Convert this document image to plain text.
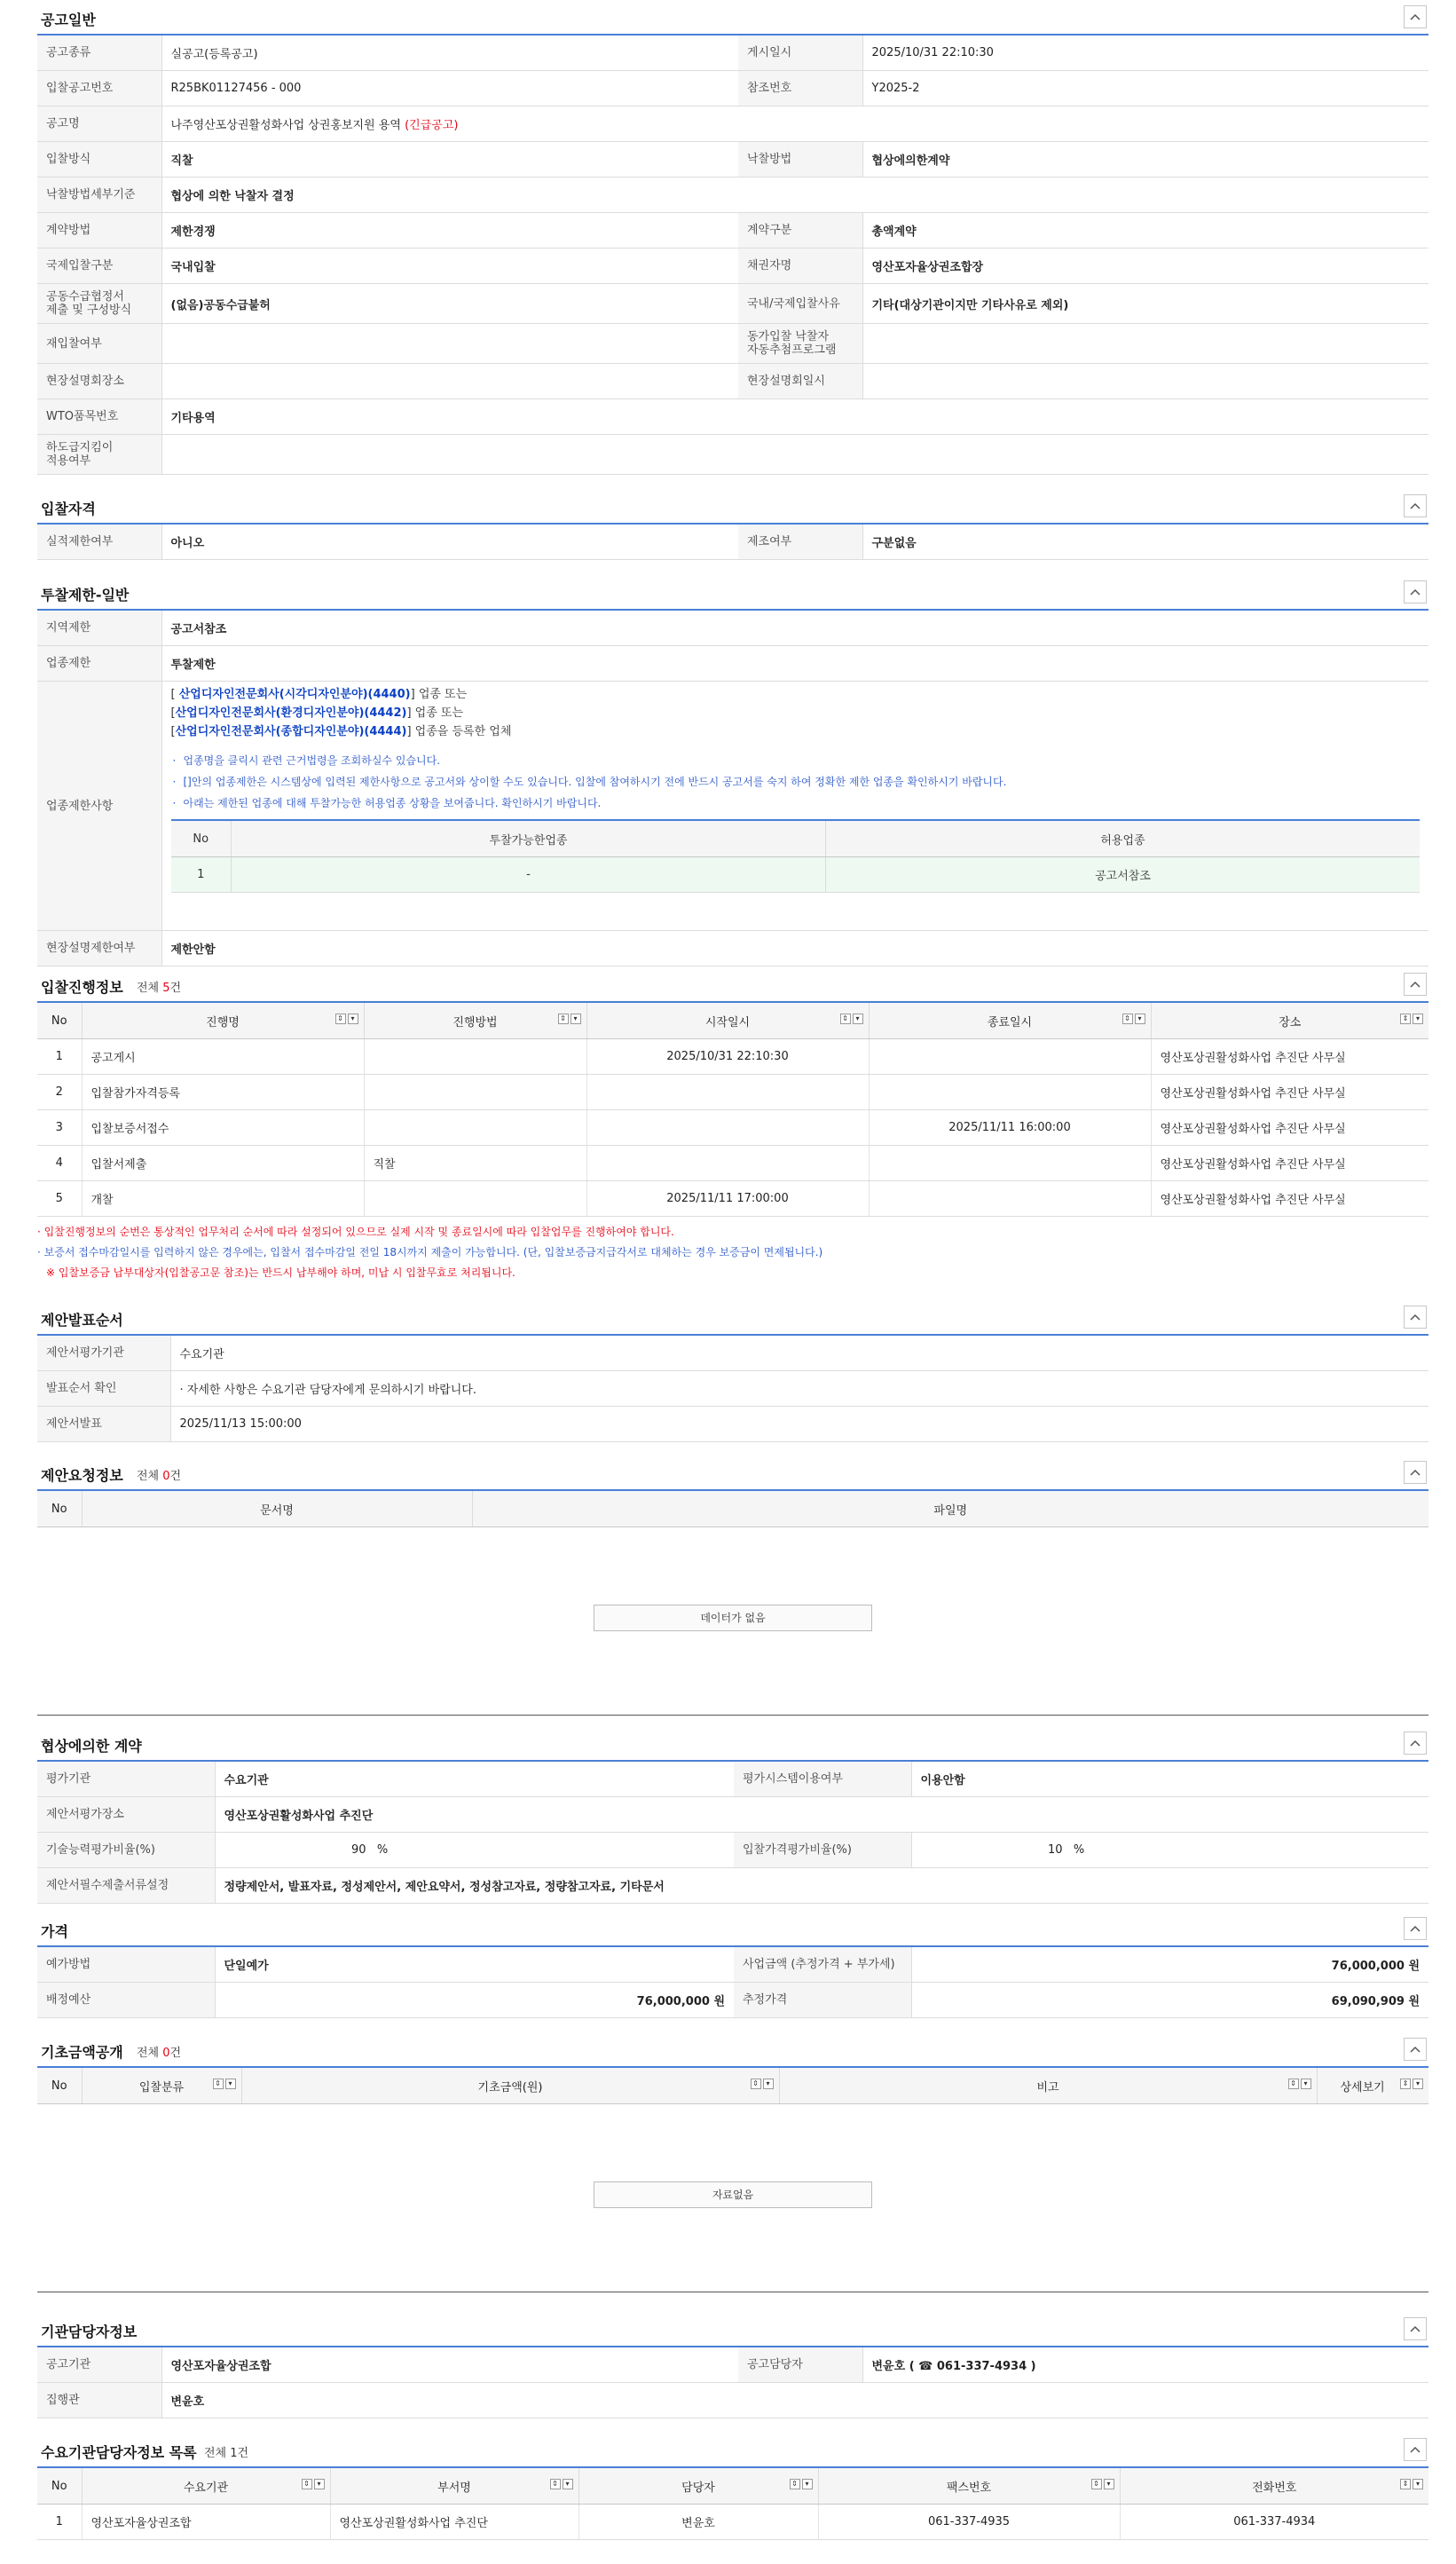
공고일반
공고종류	실공고(등록공고)	게시일시	2025/10/31 22:10:30
입찰공고번호	R25BK01127456 - 000	참조번호	Y2025-2
공고명	나주영산포상권활성화사업 상권홍보지원 용역 (긴급공고)		
입찰방식	직찰	낙찰방법	협상에의한계약
낙찰방법세부기준	협상에 의한 낙찰자 결정		
계약방법	제한경쟁	계약구분	총액계약
국제입찰구분	국내입찰	채권자명	영산포자율상권조합장
공동수급협정서
제출 및 구성방식	(없음)공동수급불허	국내/국제입찰사유	기타(대상기관이지만 기타사유로 제외)
재입찰여부		동가입찰 낙찰자
자동추첨프로그램	
현장설명회장소		현장설명회일시	
WTO품목번호	기타용역		
하도급지킴이
적용여부			
입찰자격
실적제한여부	아니오	제조여부	구분없음
투찰제한-일반
지역제한	공고서참조
업종제한	투찰제한
업종제한사항	
[ 산업디자인전문회사(시각디자인분야)(4440)] 업종 또는
[산업디자인전문회사(환경디자인분야)(4442)] 업종 또는
[산업디자인전문회사(종합디자인분야)(4444)] 업종을 등록한 업체
· 업종명을 클릭시 관련 근거법령을 조회하실수 있습니다.
· []안의 업종제한은 시스템상에 입력된 제한사항으로 공고서와 상이할 수도 있습니다. 입찰에 참여하시기 전에 반드시 공고서를 숙지 하여 정확한 제한 업종을 확인하시기 바랍니다.
· 아래는 제한된 업종에 대해 투찰가능한 허용업종 상황을 보여줍니다. 확인하시기 바랍니다.
No	투찰가능한업종	허용업종
1	-	공고서참조

현장설명제한여부	제한안함
입찰진행정보 전체 5건
No	진행명 ⇕ ▾	진행방법 ⇕ ▾	시작일시 ⇕ ▾	종료일시 ⇕ ▾	장소 ⇕ ▾

1	공고게시		2025/10/31 22:10:30		영산포상권활성화사업 추진단 사무실
2	입찰참가자격등록				영산포상권활성화사업 추진단 사무실
3	입찰보증서접수			2025/11/11 16:00:00	영산포상권활성화사업 추진단 사무실
4	입찰서제출	직찰			영산포상권활성화사업 추진단 사무실
5	개찰		2025/11/11 17:00:00		영산포상권활성화사업 추진단 사무실
· 입찰진행정보의 순번은 통상적인 업무처리 순서에 따라 설정되어 있으므로 실제 시작 및 종료일시에 따라 입찰업무를 진행하여야 합니다.
· 보증서 접수마감일시를 입력하지 않은 경우에는, 입찰서 접수마감일 전일 18시까지 제출이 가능합니다. (단, 입찰보증금지급각서로 대체하는 경우 보증금이 면제됩니다.)
※ 입찰보증금 납부대상자(입찰공고문 참조)는 반드시 납부해야 하며, 미납 시 입찰무효로 처리됩니다.
제안발표순서
제안서평가기관	수요기관
발표순서 확인	· 자세한 사항은 수요기관 담당자에게 문의하시기 바랍니다.
제안서발표	2025/11/13 15:00:00
제안요청정보 전체 0건
No	문서명	파일명
데이터가 없음
협상에의한 계약
평가기관	수요기관	평가시스템이용여부	이용안함
제안서평가장소	영산포상권활성화사업 추진단		
기술능력평가비율(%)	90 %	입찰가격평가비율(%)	10 %
제안서필수제출서류설정	정량제안서, 발표자료, 정성제안서, 제안요약서, 정성참고자료, 정량참고자료, 기타문서		
가격
예가방법	단일예가	사업금액 (추정가격 + 부가세)	76,000,000 원
배정예산	76,000,000 원	추정가격	69,090,909 원
기초금액공개 전체 0건
No	입찰분류	⇕	▾	기초금액(원)	⇕	▾	비고	⇕	▾	상세보기	⇕	▾
자료없음
기관담당자정보
공고기관	영산포자율상권조합	공고담당자	변윤호 ( ☎ 061-337-4934 )
집행관	변윤호		
수요기관담당자정보 목록 전체 1건
No	수요기관 ⇕ ▾	부서명 ⇕ ▾	담당자 ⇕ ▾	팩스번호 ⇕ ▾	전화번호 ⇕ ▾

1	영산포자율상권조합	영산포상권활성화사업 추진단	변윤호	061-337-4935	061-337-4934
